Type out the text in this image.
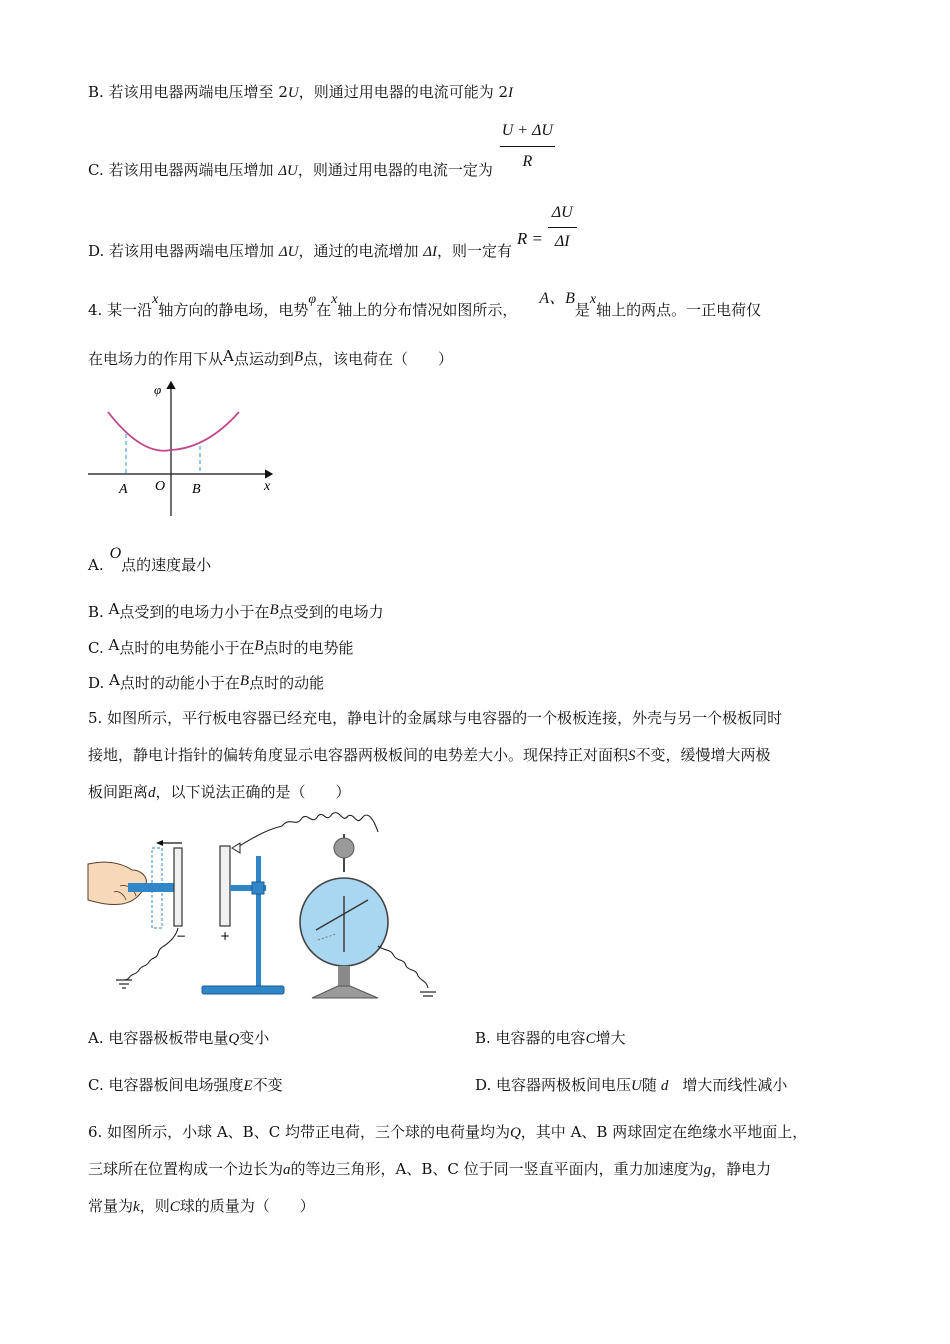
B. 若该用电器两端电压增至 2U，则通过用电器的电流可能为 2I
C. 若该用电器两端电压增加 ΔU，则通过用电器的电流一定为 $\frac{U + \Delta U}{R}$
D. 若该用电器两端电压增加 ΔU，通过的电流增加 ΔI，则一定有 $R = \frac{\Delta U}{\Delta I}$
4. 某一沿x轴方向的静电场，电势φ在x轴上的分布情况如图所示，A、B是x轴上的两点。一正电荷仅
在电场力的作用下从A点运动到B点，该电荷在（　　）
φ
x
A O B
A.O点的速度最小
B. A点受到的电场力小于在B点受到的电场力
C. A点时的电势能小于在B点时的电势能
D. A点时的动能小于在B点时的动能
5. 如图所示，平行板电容器已经充电，静电计的金属球与电容器的一个极板连接，外壳与另一个极板同时
接地，静电计指针的偏转角度显示电容器两极板间的电势差大小。现保持正对面积S不变，缓慢增大两极
板间距离d，以下说法正确的是（　　）
−	+
A. 电容器极板带电量Q变小	B. 电容器的电容C增大
C. 电容器板间电场强度E不变	D. 电容器两极板间电压U随 d 增大而线性减小
6. 如图所示，小球 A、B、C 均带正电荷，三个球的电荷量均为Q，其中 A、B 两球固定在绝缘水平地面上，
三球所在位置构成一个边长为a的等边三角形，A、B、C 位于同一竖直平面内，重力加速度为g，静电力
常量为k，则C球的质量为（　　）
